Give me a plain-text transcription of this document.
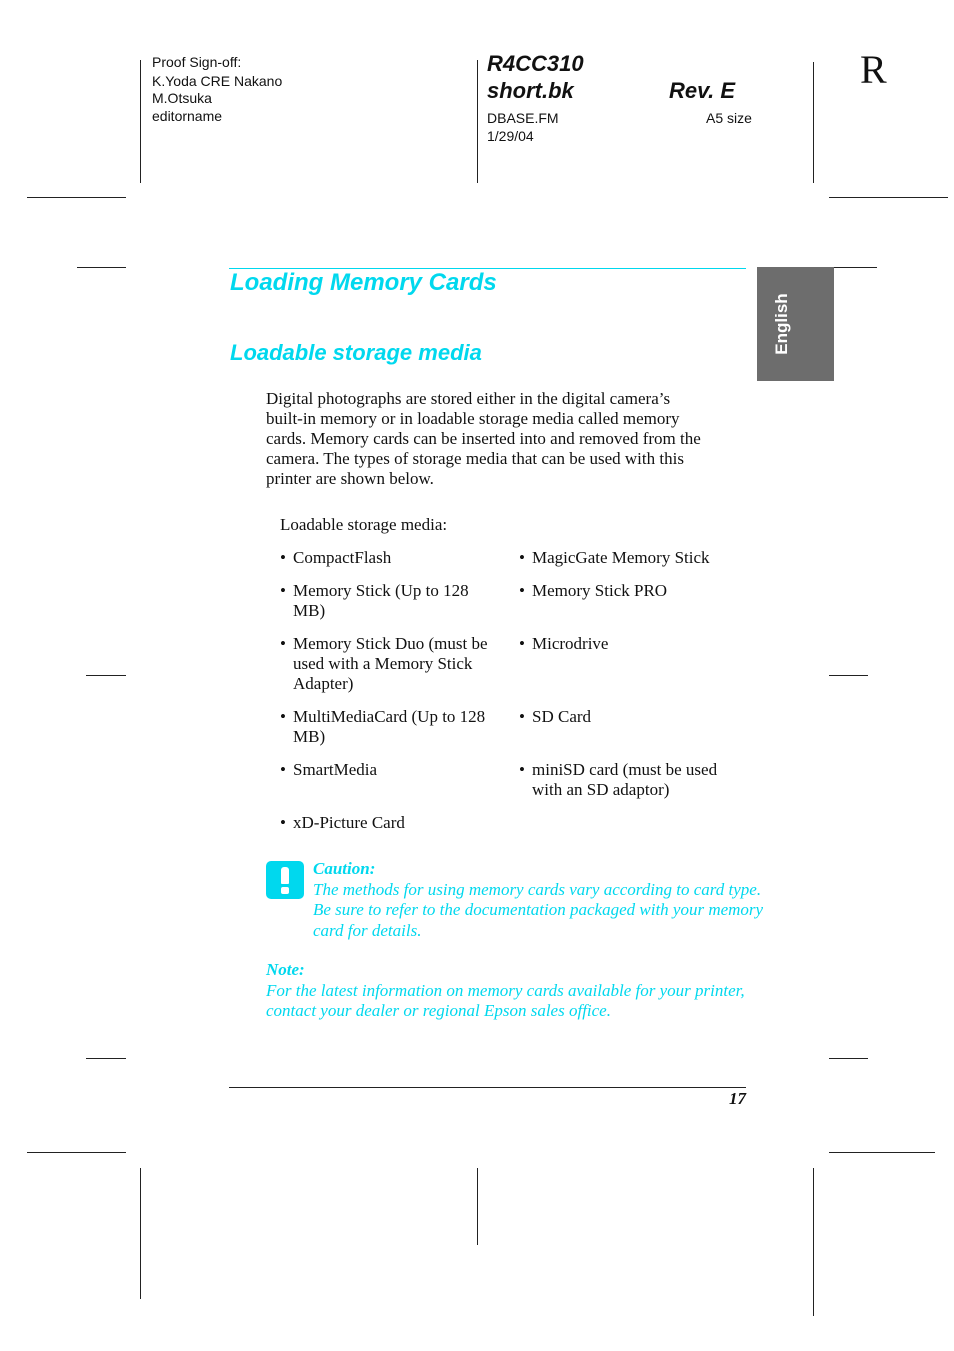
Proof Sign-off:
K.Yoda CRE Nakano
M.Otsuka
editorname
R4CC310
short.bk	Rev. E
DBASE.FM
1/29/04
A5 size
R
English
Loading Memory Cards
Loadable storage media
Digital photographs are stored either in the digital camera’s
built-in memory or in loadable storage media called memory
cards. Memory cards can be inserted into and removed from the
camera. The types of storage media that can be used with this
printer are shown below.
Loadable storage media:
• CompactFlash
• Memory Stick (Up to 128
MB)
• Memory Stick Duo (must be
used with a Memory Stick
Adapter)
• MultiMediaCard (Up to 128
MB)
• SmartMedia
• xD-Picture Card
• MagicGate Memory Stick
• Memory Stick PRO
• Microdrive
• SD Card
• miniSD card (must be used
with an SD adaptor)
Caution:
The methods for using memory cards vary according to card type.
Be sure to refer to the documentation packaged with your memory
card for details.
Note:
For the latest information on memory cards available for your printer,
contact your dealer or regional Epson sales office.
17
